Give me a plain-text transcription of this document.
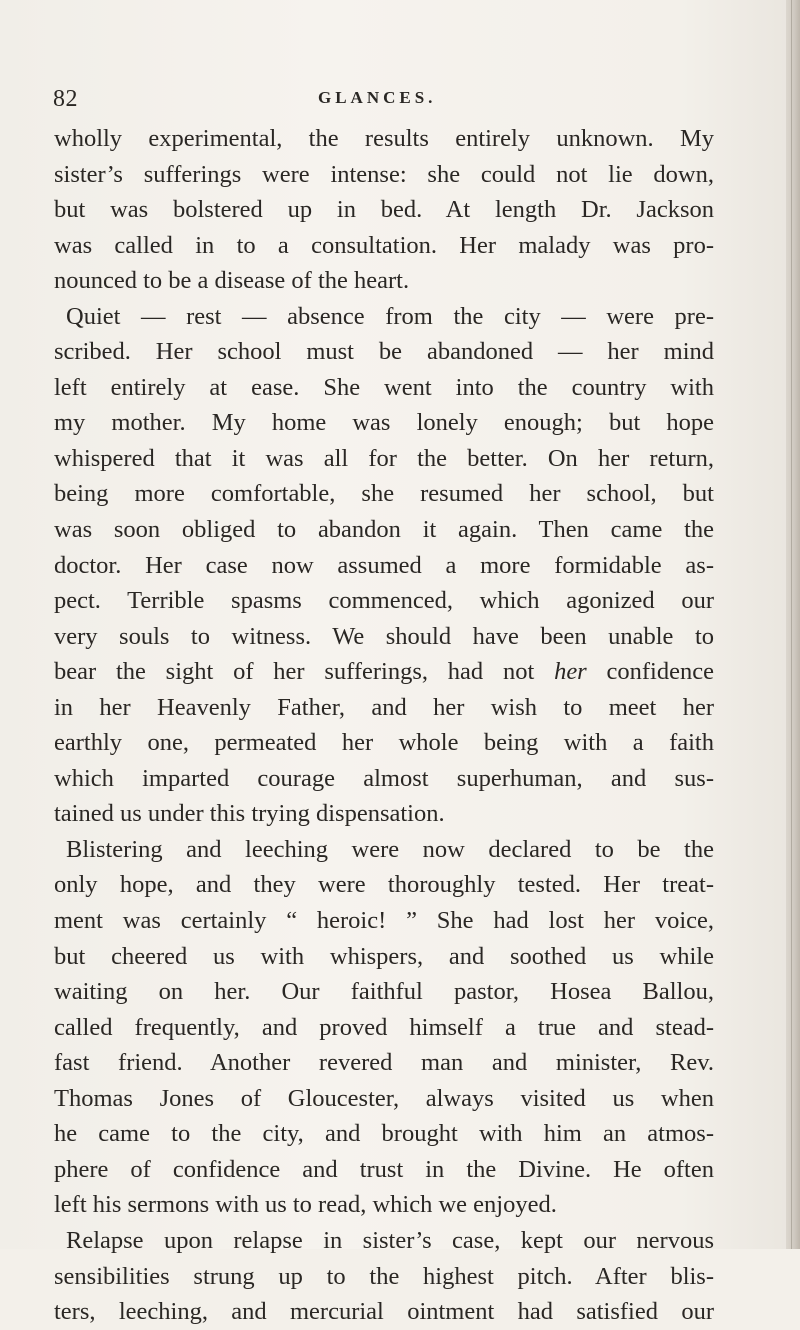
82	GLANCES.
wholly experimental, the results entirely unknown. My
sister’s sufferings were intense: she could not lie down,
but was bolstered up in bed. At length Dr. Jackson
was called in to a consultation. Her malady was pro-
nounced to be a disease of the heart.
Quiet — rest — absence from the city — were pre-
scribed. Her school must be abandoned — her mind
left entirely at ease. She went into the country with
my mother. My home was lonely enough; but hope
whispered that it was all for the better. On her return,
being more comfortable, she resumed her school, but
was soon obliged to abandon it again. Then came the
doctor. Her case now assumed a more formidable as-
pect. Terrible spasms commenced, which agonized our
very souls to witness. We should have been unable to
bear the sight of her sufferings, had not her confidence
in her Heavenly Father, and her wish to meet her
earthly one, permeated her whole being with a faith
which imparted courage almost superhuman, and sus-
tained us under this trying dispensation.
Blistering and leeching were now declared to be the
only hope, and they were thoroughly tested. Her treat-
ment was certainly “ heroic! ” She had lost her voice,
but cheered us with whispers, and soothed us while
waiting on her. Our faithful pastor, Hosea Ballou,
called frequently, and proved himself a true and stead-
fast friend. Another revered man and minister, Rev.
Thomas Jones of Gloucester, always visited us when
he came to the city, and brought with him an atmos-
phere of confidence and trust in the Divine. He often
left his sermons with us to read, which we enjoyed.
Relapse upon relapse in sister’s case, kept our nervous
sensibilities strung up to the highest pitch. After blis-
ters, leeching, and mercurial ointment had satisfied our
